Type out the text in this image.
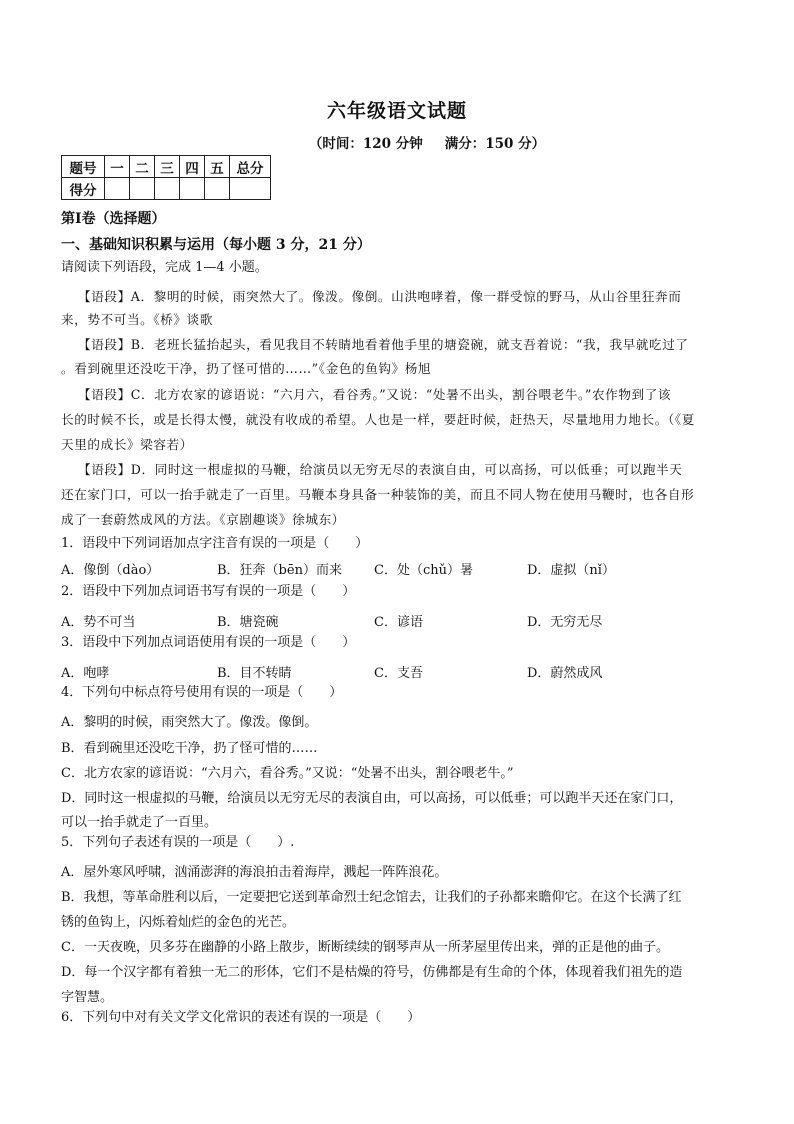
六年级语文试题
（时间：120 分钟 满分：150 分）
题号	一	二	三	四	五	总分
得分						
第Ⅰ卷（选择题）
一、基础知识积累与运用（每小题 3 分，21 分）
请阅读下列语段，完成 1—4 小题。
【语段】A．黎明的时候，雨突然大了。像泼。像倒。山洪咆哮着，像一群受惊的野马，从山谷里狂奔而
来，势不可当。《桥》谈歌
【语段】B．老班长猛抬起头，看见我目不转睛地看着他手里的塘瓷碗，就支吾着说：“我，我早就吃过了
。看到碗里还没吃干净，扔了怪可惜的……”《金色的鱼钩》杨旭
【语段】C．北方农家的谚语说：“六月六，看谷秀。”又说：“处暑不出头，割谷喂老牛。”农作物到了该
长的时候不长，或是长得太慢，就没有收成的希望。人也是一样，要赶时候，赶热天，尽量地用力地长。（《夏
天里的成长》梁容若）
【语段】D．同时这一根虚拟的马鞭，给演员以无穷无尽的表演自由，可以高扬，可以低垂；可以跑半天
还在家门口，可以一抬手就走了一百里。马鞭本身具备一种装饰的美，而且不同人物在使用马鞭时，也各自形
成了一套蔚然成风的方法。《京剧趣谈》徐城东）
1．语段中下列词语加点字注音有误的一项是（　　）
A．像倒（dào）	B．狂奔（bēn）而来 C．处（chǔ）暑	D．虚拟（nǐ）
2．语段中下列加点词语书写有误的一项是（　　）
A．势不可当	B．塘瓷碗	C．谚语	D．无穷无尽
3．语段中下列加点词语使用有误的一项是（　　）
A．咆哮	B．目不转睛	C．支吾	D．蔚然成风
4．下列句中标点符号使用有误的一项是（　　）
A．黎明的时候，雨突然大了。像泼。像倒。
B．看到碗里还没吃干净，扔了怪可惜的……
C．北方农家的谚语说：“六月六，看谷秀。”又说：“处暑不出头，割谷喂老牛。”
D．同时这一根虚拟的马鞭，给演员以无穷无尽的表演自由，可以高扬，可以低垂；可以跑半天还在家门口，
可以一抬手就走了一百里。
5．下列句子表述有误的一项是（　　）.
A．屋外寒风呼啸，汹涌澎湃的海浪拍击着海岸，溅起一阵阵浪花。
B．我想，等革命胜利以后，一定要把它送到革命烈士纪念馆去，让我们的子孙都来瞻仰它。在这个长满了红
锈的鱼钩上，闪烁着灿烂的金色的光芒。
C．一天夜晚，贝多芬在幽静的小路上散步，断断续续的钢琴声从一所茅屋里传出来，弹的正是他的曲子。
D．每一个汉字都有着独一无二的形体，它们不是枯燥的符号，仿佛都是有生命的个体，体现着我们祖先的造
字智慧。
6．下列句中对有关文学文化常识的表述有误的一项是（　　）
